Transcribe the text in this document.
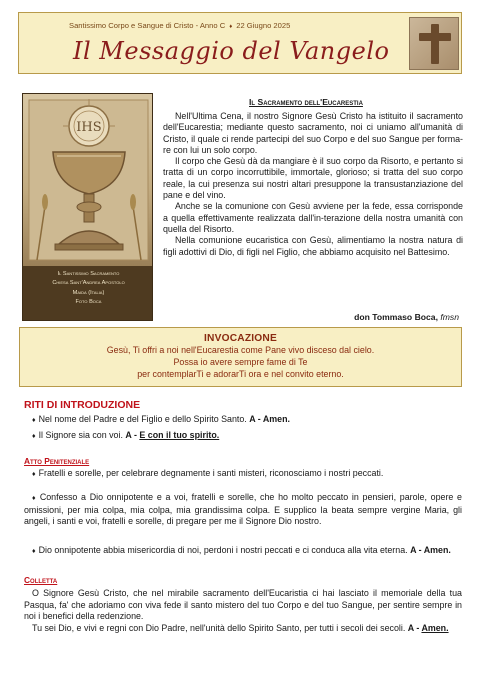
Santissimo Corpo e Sangue di Cristo - Anno C ♦ 22 Giugno 2025
Il Messaggio del Vangelo
IHS
Il Santissimo Sacramento
Chiesa Sant'Andrea Apostolo
Maida (Italia)
Foto Boca
Il Sacramento dell'Eucarestia

Nell'Ultima Cena, il nostro Signore Gesù Cristo ha istituito il sacramento dell'Eucarestia; mediante questo sacramento, noi ci uniamo all'umanità di Cristo, il quale ci rende partecipi del suo Corpo e del suo Sangue per forma-re con lui un solo corpo.

Il corpo che Gesù dà da mangiare è il suo corpo da Risorto, e pertanto si tratta di un corpo incorruttibile, immortale, glorioso; si tratta del suo corpo reale, la cui presenza sui nostri altari presuppone la transustanziazione del pane e del vino.

Anche se la comunione con Gesù avviene per la fede, essa corrisponde a quella effettivamente realizzata dall'in-terazione della nostra umanità con quella del Risorto.

Nella comunione eucaristica con Gesù, alimentiamo la nostra natura di figli adottivi di Dio, di figli nel Figlio, che abbiamo acquisito nel Battesimo.

don Tommaso Boca, fmsn
INVOCAZIONE
Gesù, Ti offri a noi nell'Eucarestia come Pane vivo disceso dal cielo.
Possa io avere sempre fame di Te
per contemplarTi e adorarTi ora e nel convito eterno.
RITI DI INTRODUZIONE

♦ Nel nome del Padre e del Figlio e dello Spirito Santo. A - Amen.

♦ Il Signore sia con voi. A - E con il tuo spirito.

Atto Penitenziale

♦ Fratelli e sorelle, per celebrare degnamente i santi misteri, riconosciamo i nostri peccati.

♦ Confesso a Dio onnipotente e a voi, fratelli e sorelle, che ho molto peccato in pensieri, parole, opere e omissioni, per mia colpa, mia colpa, mia grandissima colpa. E supplico la beata sempre vergine Maria, gli angeli, i santi e voi, fratelli e sorelle, di pregare per me il Signore Dio nostro.

♦ Dio onnipotente abbia misericordia di noi, perdoni i nostri peccati e ci conduca alla vita eterna. A - Amen.

Colletta

O Signore Gesù Cristo, che nel mirabile sacramento dell'Eucaristia ci hai lasciato il memoriale della tua Pasqua, fa' che adoriamo con viva fede il santo mistero del tuo Corpo e del tuo Sangue, per sentire sempre in noi i benefici della redenzione.

Tu sei Dio, e vivi e regni con Dio Padre, nell'unità dello Spirito Santo, per tutti i secoli dei secoli. A - Amen.
